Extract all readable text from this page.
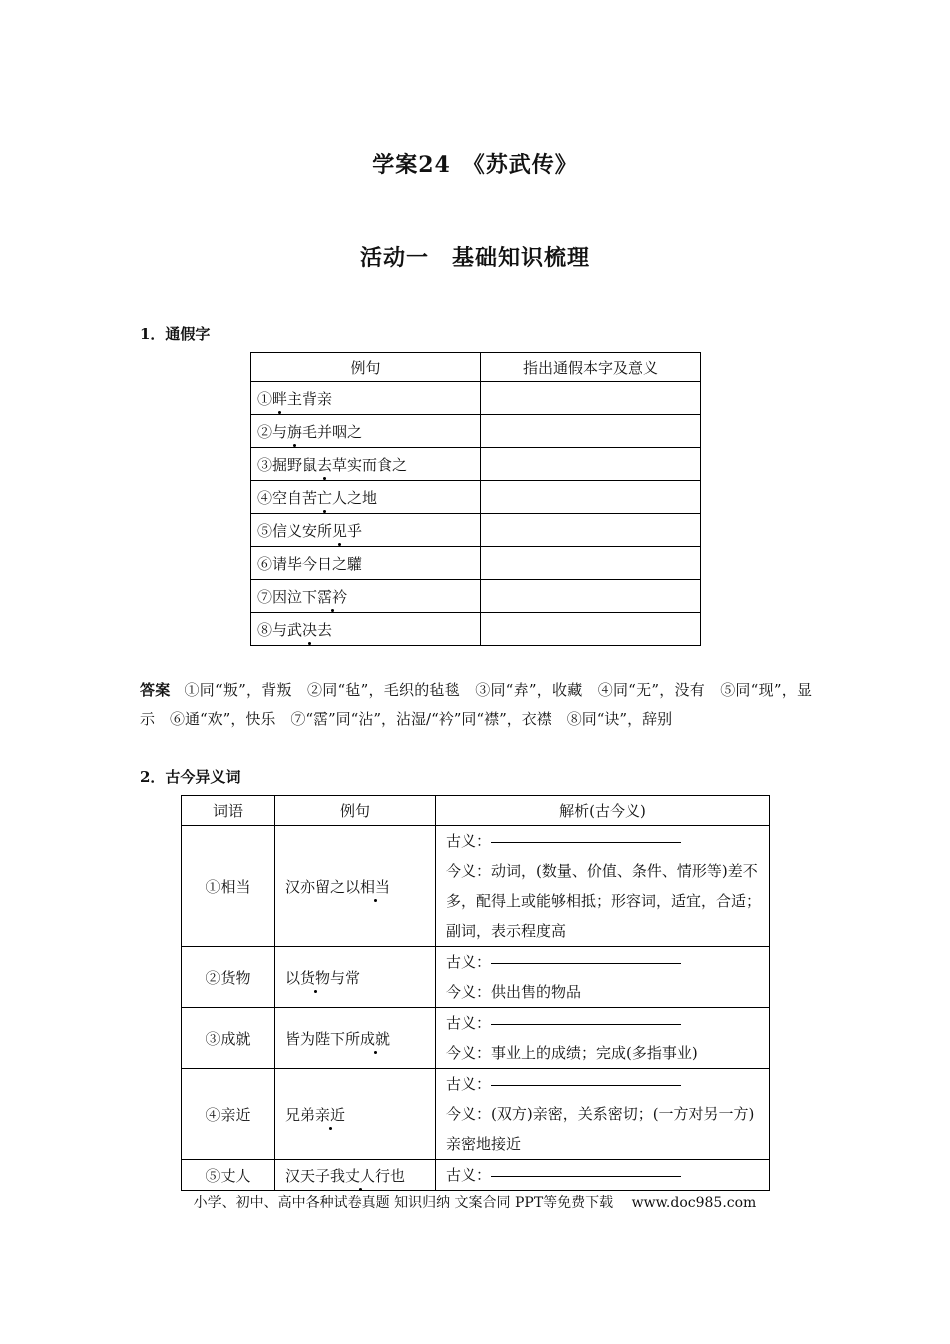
学案24　《苏武传》
活动一　基础知识梳理
1．通假字
例句	指出通假本字及意义
①畔主背亲	
②与旃毛并咽之	
③掘野鼠去草实而食之	
④空自苦亡人之地	
⑤信义安所见乎	
⑥请毕今日之驩	
⑦因泣下霑衿	
⑧与武决去	
答案 ①同“叛”，背叛　②同“毡”，毛织的毡毯　③同“弆”，收藏　④同“无”，没有　⑤同“现”，显示　⑥通“欢”，快乐　⑦“霑”同“沾”，沾湿/“衿”同“襟”，衣襟　⑧同“诀”，辞别
2．古今异义词
词语	例句	解析(古今义)
①相当	汉亦留之以相当	古义：
今义：动词，(数量、价值、条件、情形等)差不多，配得上或能够相抵；形容词，适宜，合适；副词，表示程度高

②货物	以货物与常	古义：
今义：供出售的物品

③成就	皆为陛下所成就	古义：
今义：事业上的成绩；完成(多指事业)

④亲近	兄弟亲近	古义：
今义：(双方)亲密，关系密切；(一方对另一方)亲密地接近

⑤丈人	汉天子我丈人行也	古义：
小学、初中、高中各种试卷真题 知识归纳 文案合同 PPT等免费下载　 www.doc985.com
